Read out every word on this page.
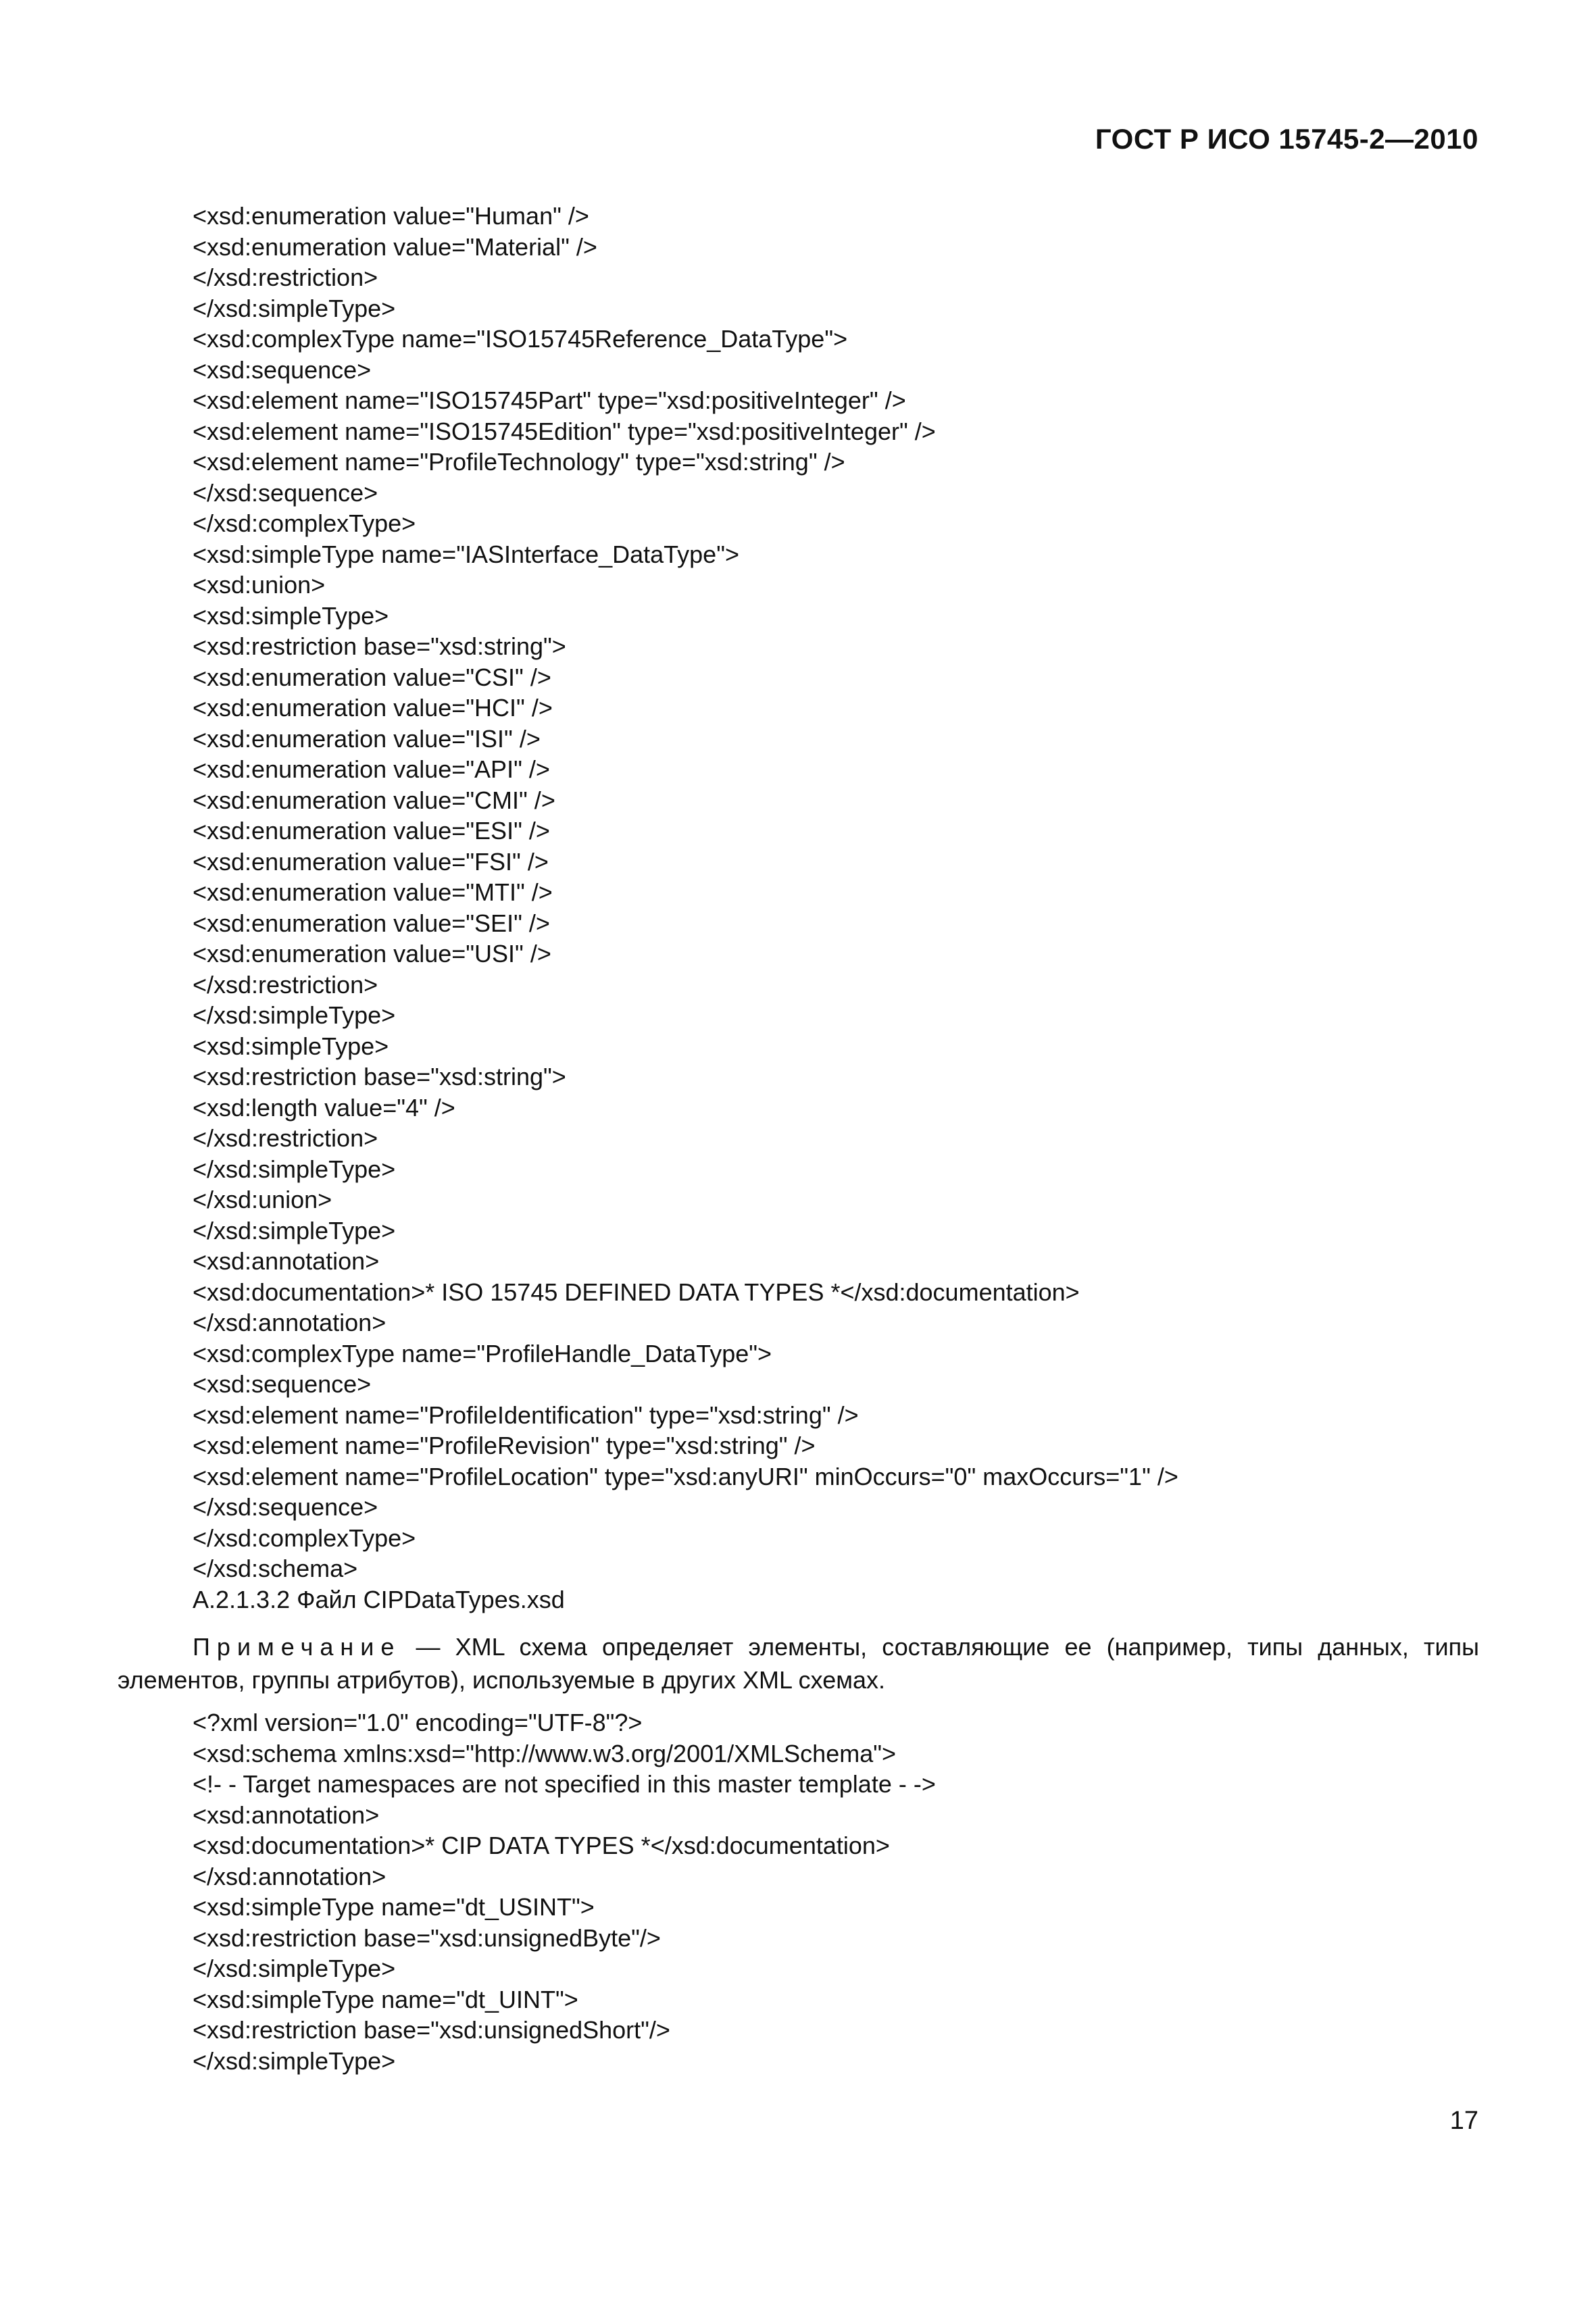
ГОСТ Р ИСО 15745-2—2010
<xsd:enumeration value="Human" />
<xsd:enumeration value="Material" />
</xsd:restriction>
</xsd:simpleType>
<xsd:complexType name="ISO15745Reference_DataType">
<xsd:sequence>
<xsd:element name="ISO15745Part" type="xsd:positiveInteger" />
<xsd:element name="ISO15745Edition" type="xsd:positiveInteger" />
<xsd:element name="ProfileTechnology" type="xsd:string" />
</xsd:sequence>
</xsd:complexType>
<xsd:simpleType name="IASInterface_DataType">
<xsd:union>
<xsd:simpleType>
<xsd:restriction base="xsd:string">
<xsd:enumeration value="CSI" />
<xsd:enumeration value="HCI" />
<xsd:enumeration value="ISI" />
<xsd:enumeration value="API" />
<xsd:enumeration value="CMI" />
<xsd:enumeration value="ESI" />
<xsd:enumeration value="FSI" />
<xsd:enumeration value="MTI" />
<xsd:enumeration value="SEI" />
<xsd:enumeration value="USI" />
</xsd:restriction>
</xsd:simpleType>
<xsd:simpleType>
<xsd:restriction base="xsd:string">
<xsd:length value="4" />
</xsd:restriction>
</xsd:simpleType>
</xsd:union>
</xsd:simpleType>
<xsd:annotation>
<xsd:documentation>* ISO 15745 DEFINED DATA TYPES *</xsd:documentation>
</xsd:annotation>
<xsd:complexType name="ProfileHandle_DataType">
<xsd:sequence>
<xsd:element name="ProfileIdentification" type="xsd:string" />
<xsd:element name="ProfileRevision" type="xsd:string" />
<xsd:element name="ProfileLocation" type="xsd:anyURI" minOccurs="0" maxOccurs="1" />
</xsd:sequence>
</xsd:complexType>
</xsd:schema>
A.2.1.3.2 Файл CIPDataTypes.xsd

Примечание — XML схема определяет элементы, составляющие ее (например, типы данных, типы элементов, группы атрибутов), используемые в других XML схемах.

<?xml version="1.0" encoding="UTF-8"?>
<xsd:schema xmlns:xsd="http://www.w3.org/2001/XMLSchema">
<!- - Target namespaces are not specified in this master template - ->
<xsd:annotation>
<xsd:documentation>* CIP DATA TYPES *</xsd:documentation>
</xsd:annotation>
<xsd:simpleType name="dt_USINT">
<xsd:restriction base="xsd:unsignedByte"/>
</xsd:simpleType>
<xsd:simpleType name="dt_UINT">
<xsd:restriction base="xsd:unsignedShort"/>
</xsd:simpleType>
17
